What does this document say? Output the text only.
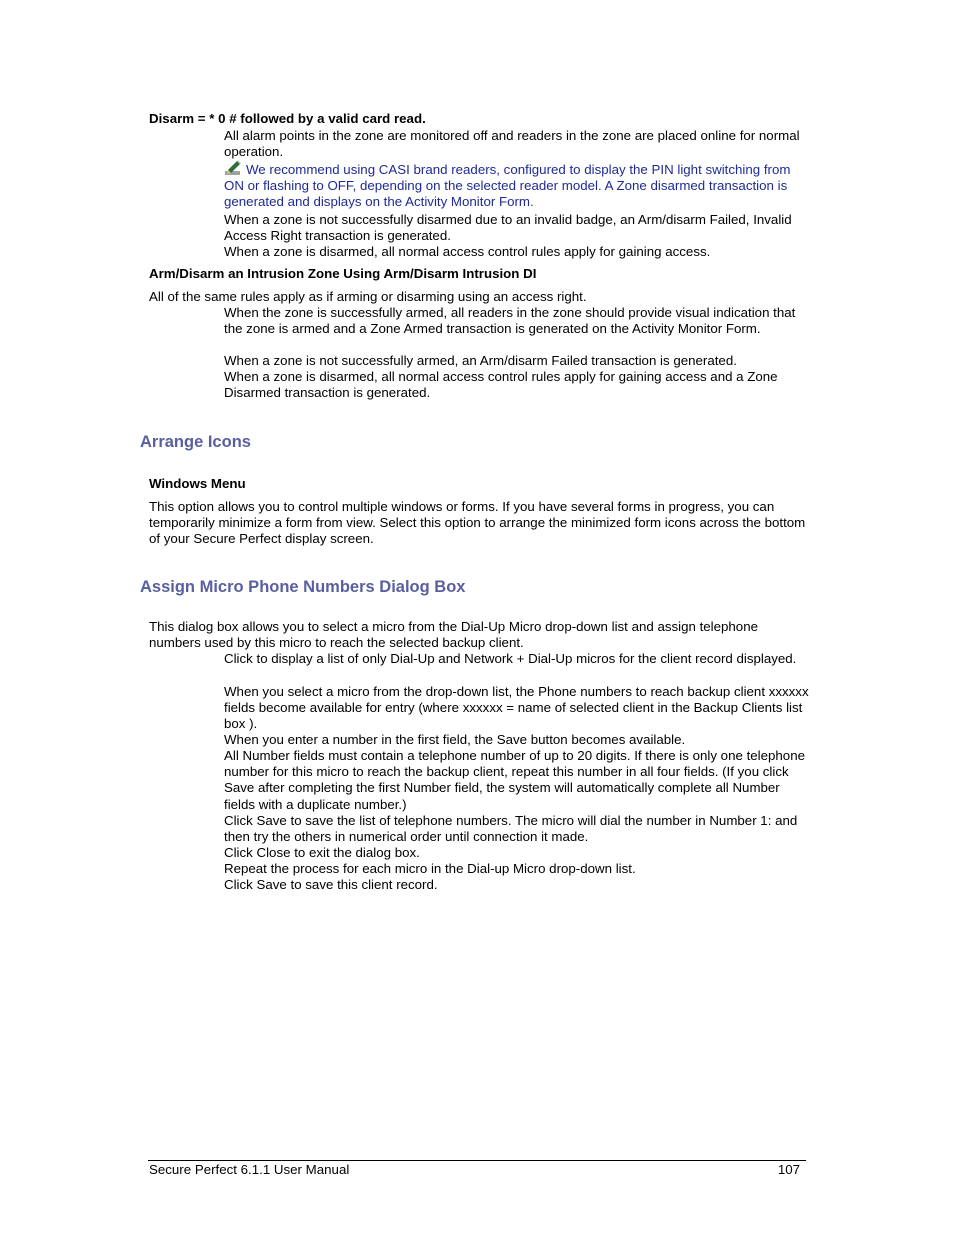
Disarm = * 0 # followed by a valid card read.
All alarm points in the zone are monitored off and readers in the zone are placed online for normal operation.
We recommend using CASI brand readers, configured to display the PIN light switching from ON or flashing to OFF, depending on the selected reader model. A Zone disarmed transaction is generated and displays on the Activity Monitor Form.
When a zone is not successfully disarmed due to an invalid badge, an Arm/disarm Failed, Invalid Access Right transaction is generated.
When a zone is disarmed, all normal access control rules apply for gaining access.
Arm/Disarm an Intrusion Zone Using Arm/Disarm Intrusion DI
All of the same rules apply as if arming or disarming using an access right.
When the zone is successfully armed, all readers in the zone should provide visual indication that the zone is armed and a Zone Armed transaction is generated on the Activity Monitor Form.
When a zone is not successfully armed, an Arm/disarm Failed transaction is generated.
When a zone is disarmed, all normal access control rules apply for gaining access and a Zone Disarmed transaction is generated.
Arrange Icons
Windows Menu
This option allows you to control multiple windows or forms. If you have several forms in progress, you can temporarily minimize a form from view. Select this option to arrange the minimized form icons across the bottom of your Secure Perfect display screen.
Assign Micro Phone Numbers Dialog Box
This dialog box allows you to select a micro from the Dial-Up Micro drop-down list and assign telephone numbers used by this micro to reach the selected backup client.
Click to display a list of only Dial-Up and Network + Dial-Up micros for the client record displayed.
When you select a micro from the drop-down list, the Phone numbers to reach backup client xxxxxx fields become available for entry (where xxxxxx = name of selected client in the Backup Clients list box ).
When you enter a number in the first field, the Save button becomes available.
All Number fields must contain a telephone number of up to 20 digits. If there is only one telephone number for this micro to reach the backup client, repeat this number in all four fields. (If you click Save after completing the first Number field, the system will automatically complete all Number fields with a duplicate number.)
Click Save to save the list of telephone numbers. The micro will dial the number in Number 1: and then try the others in numerical order until connection it made.
Click Close to exit the dialog box.
Repeat the process for each micro in the Dial-up Micro drop-down list.
Click Save to save this client record.
Secure Perfect 6.1.1 User Manual	107
